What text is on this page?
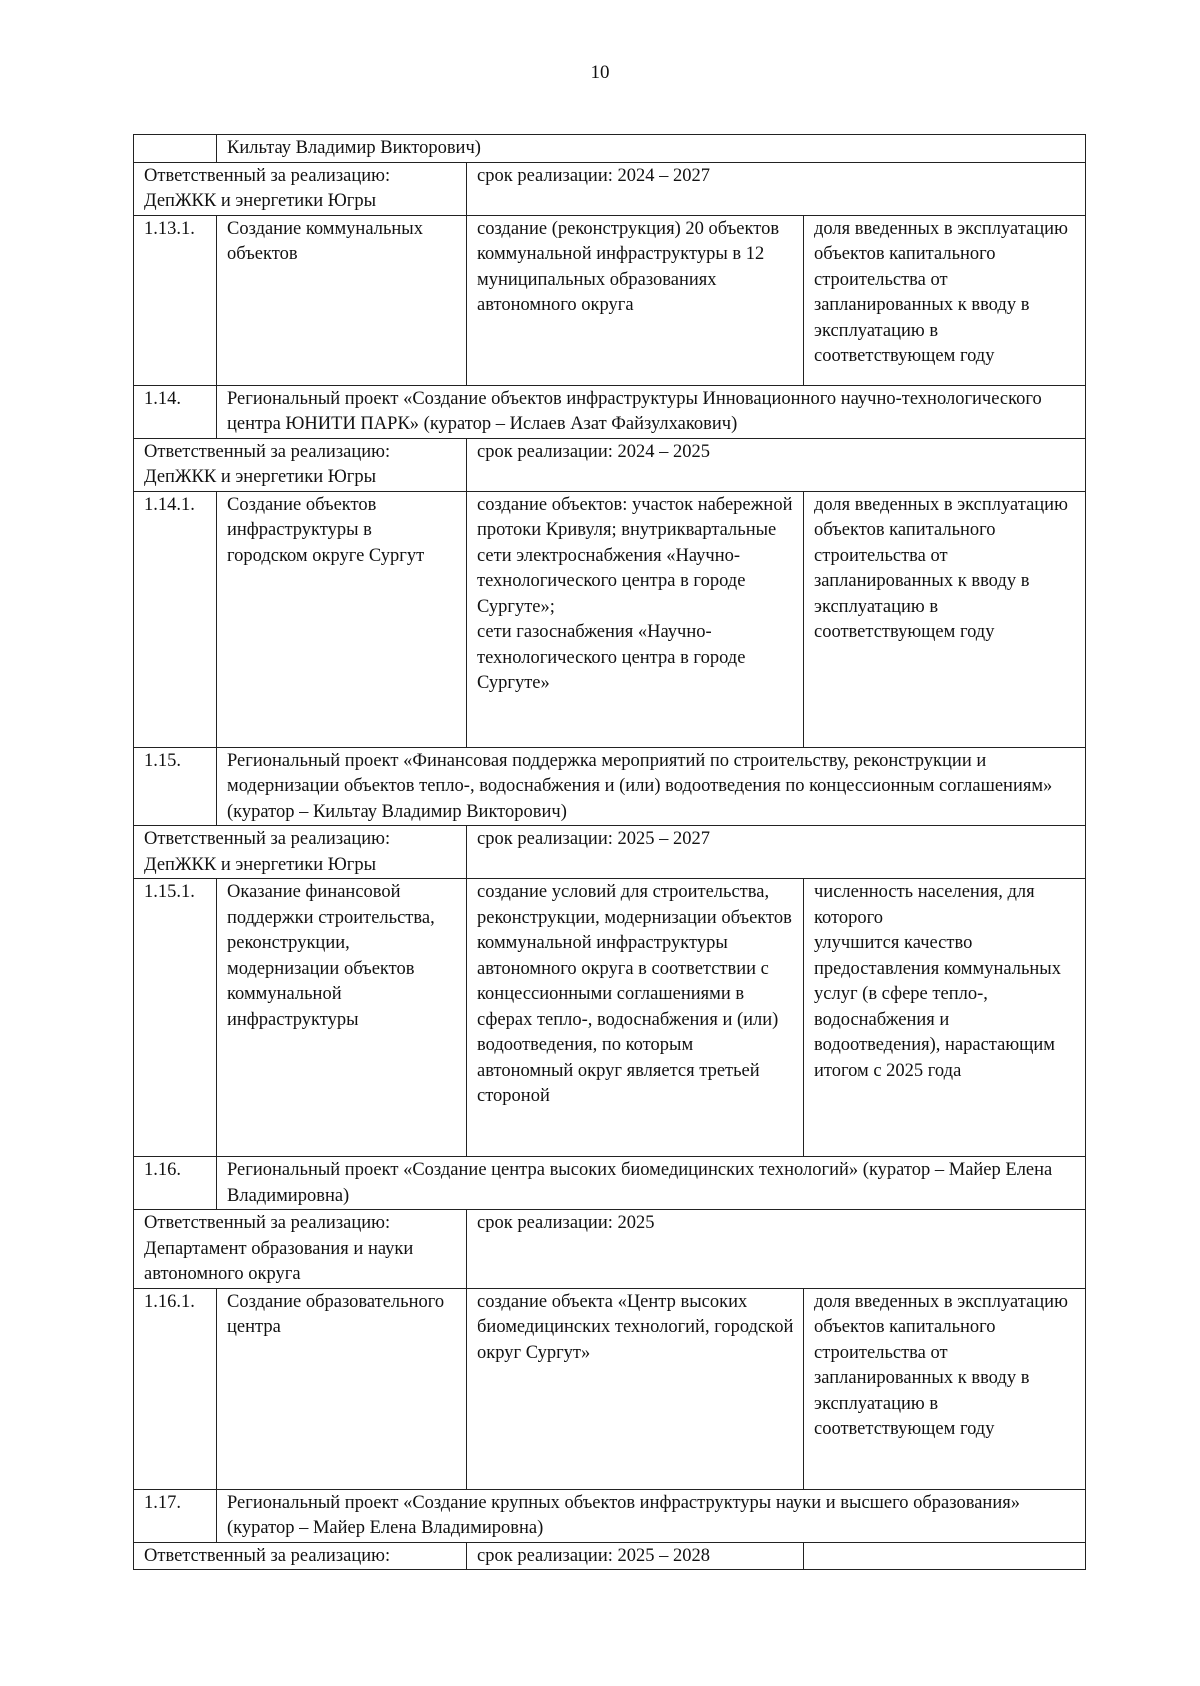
10
	Кильтау Владимир Викторович)		
Ответственный за реализацию: ДепЖКК и энергетики Югры		срок реализации: 2024 – 2027	
1.13.1.	Создание коммунальных объектов	создание (реконструкция) 20 объектов коммунальной инфраструктуры в 12 муниципальных образованиях автономного округа	доля введенных в эксплуатацию объектов капитального строительства от запланированных к вводу в эксплуатацию в соответствующем году
1.14.	Региональный проект «Создание объектов инфраструктуры Инновационного научно-технологического центра ЮНИТИ ПАРК» (куратор – Ислаев Азат Файзулхакович)		
Ответственный за реализацию: ДепЖКК и энергетики Югры		срок реализации: 2024 – 2025	
1.14.1.	Создание объектов инфраструктуры в городском округе Сургут	создание объектов: участок набережной протоки Кривуля; внутриквартальные сети электроснабжения «Научно-технологического центра в городе Сургуте»;
сети газоснабжения «Научно-технологического центра в городе Сургуте»	доля введенных в эксплуатацию объектов капитального строительства от запланированных к вводу в эксплуатацию в соответствующем году
1.15.	Региональный проект «Финансовая поддержка мероприятий по строительству, реконструкции и модернизации объектов тепло-, водоснабжения и (или) водоотведения по концессионным соглашениям» (куратор – Кильтау Владимир Викторович)		
Ответственный за реализацию: ДепЖКК и энергетики Югры		срок реализации: 2025 – 2027	
1.15.1.	Оказание финансовой поддержки строительства, реконструкции, модернизации объектов коммунальной инфраструктуры	создание условий для строительства, реконструкции, модернизации объектов коммунальной инфраструктуры автономного округа в соответствии с концессионными соглашениями в сферах тепло-, водоснабжения и (или) водоотведения, по которым автономный округ является третьей стороной	численность населения, для которого
улучшится качество предоставления коммунальных услуг (в сфере тепло-, водоснабжения и водоотведения), нарастающим итогом с 2025 года
1.16.	Региональный проект «Создание центра высоких биомедицинских технологий» (куратор – Майер Елена Владимировна)		
Ответственный за реализацию: Департамент образования и науки автономного округа		срок реализации: 2025	
1.16.1.	Создание образовательного центра	создание объекта «Центр высоких биомедицинских технологий, городской округ Сургут»	доля введенных в эксплуатацию объектов капитального строительства от запланированных к вводу в эксплуатацию в соответствующем году
1.17.	Региональный проект «Создание крупных объектов инфраструктуры науки и высшего образования» (куратор – Майер Елена Владимировна)		
Ответственный за реализацию:		срок реализации: 2025 – 2028	
